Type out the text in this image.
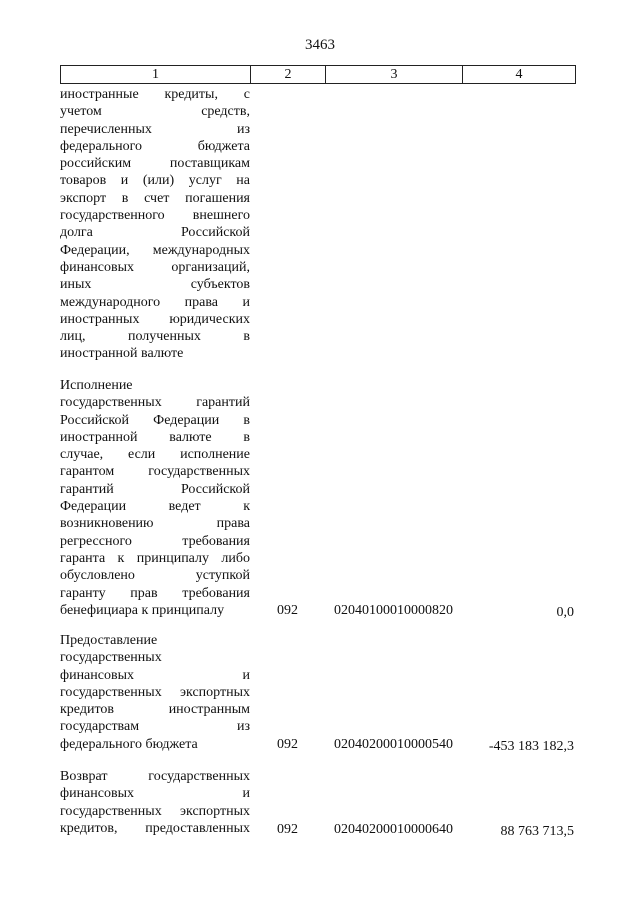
3463
1	2	3	4
иностранные кредиты, с
учетом средств,
перечисленных из
федерального бюджета
российским поставщикам
товаров и (или) услуг на
экспорт в счет погашения
государственного внешнего
долга Российской
Федерации, международных
финансовых организаций,
иных субъектов
международного права и
иностранных юридических
лиц, полученных в
иностранной валюте
Исполнение
государственных гарантий
Российской Федерации в
иностранной валюте в
случае, если исполнение
гарантом государственных
гарантий Российской
Федерации ведет к
возникновению права
регрессного требования
гаранта к принципалу либо
обусловлено уступкой
гаранту прав требования
бенефициара к принципалу	092	02040100010000820	0,0
Предоставление
государственных
финансовых и
государственных экспортных
кредитов иностранным
государствам из
федерального бюджета	092	02040200010000540	-453 183 182,3
Возврат государственных
финансовых и
государственных экспортных
кредитов, предоставленных	092	02040200010000640	88 763 713,5
